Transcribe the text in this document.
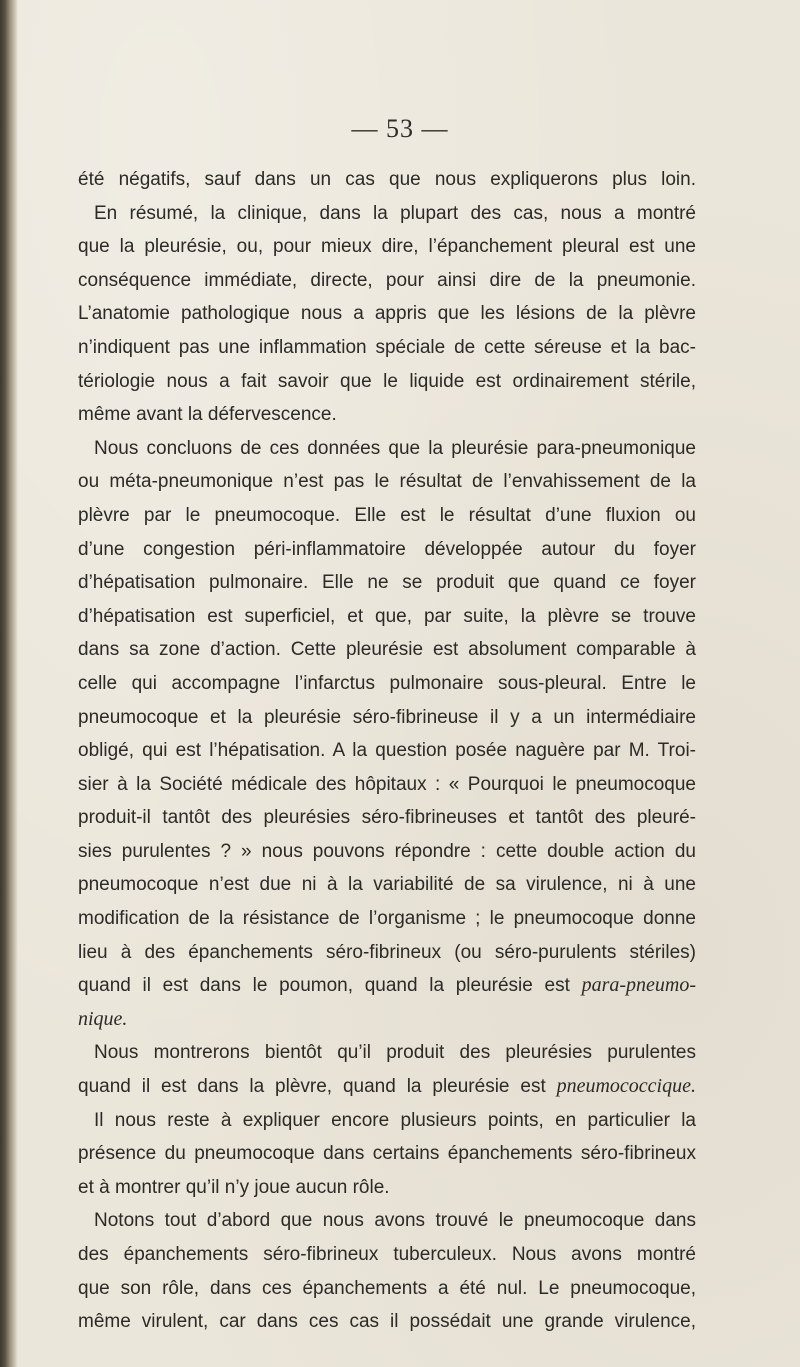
— 53 —
été négatifs, sauf dans un cas que nous expliquerons plus loin.
En résumé, la clinique, dans la plupart des cas, nous a montré
que la pleurésie, ou, pour mieux dire, l’épanchement pleural est une
conséquence immédiate, directe, pour ainsi dire de la pneumonie.
L’anatomie pathologique nous a appris que les lésions de la plèvre
n’indiquent pas une inflammation spéciale de cette séreuse et la bac-
tériologie nous a fait savoir que le liquide est ordinairement stérile,
même avant la défervescence.
Nous concluons de ces données que la pleurésie para-pneumonique
ou méta-pneumonique n’est pas le résultat de l’envahissement de la
plèvre par le pneumocoque. Elle est le résultat d’une fluxion ou
d’une congestion péri-inflammatoire développée autour du foyer
d’hépatisation pulmonaire. Elle ne se produit que quand ce foyer
d’hépatisation est superficiel, et que, par suite, la plèvre se trouve
dans sa zone d’action. Cette pleurésie est absolument comparable à
celle qui accompagne l’infarctus pulmonaire sous-pleural. Entre le
pneumocoque et la pleurésie séro-fibrineuse il y a un intermédiaire
obligé, qui est l’hépatisation. A la question posée naguère par M. Troi-
sier à la Société médicale des hôpitaux : « Pourquoi le pneumocoque
produit-il tantôt des pleurésies séro-fibrineuses et tantôt des pleuré-
sies purulentes ? » nous pouvons répondre : cette double action du
pneumocoque n’est due ni à la variabilité de sa virulence, ni à une
modification de la résistance de l’organisme ; le pneumocoque donne
lieu à des épanchements séro-fibrineux (ou séro-purulents stériles)
quand il est dans le poumon, quand la pleurésie est para-pneumo-
nique.
Nous montrerons bientôt qu’il produit des pleurésies purulentes
quand il est dans la plèvre, quand la pleurésie est pneumococcique.
Il nous reste à expliquer encore plusieurs points, en particulier la
présence du pneumocoque dans certains épanchements séro-fibrineux
et à montrer qu’il n’y joue aucun rôle.
Notons tout d’abord que nous avons trouvé le pneumocoque dans
des épanchements séro-fibrineux tuberculeux. Nous avons montré
que son rôle, dans ces épanchements a été nul. Le pneumocoque,
même virulent, car dans ces cas il possédait une grande virulence,
